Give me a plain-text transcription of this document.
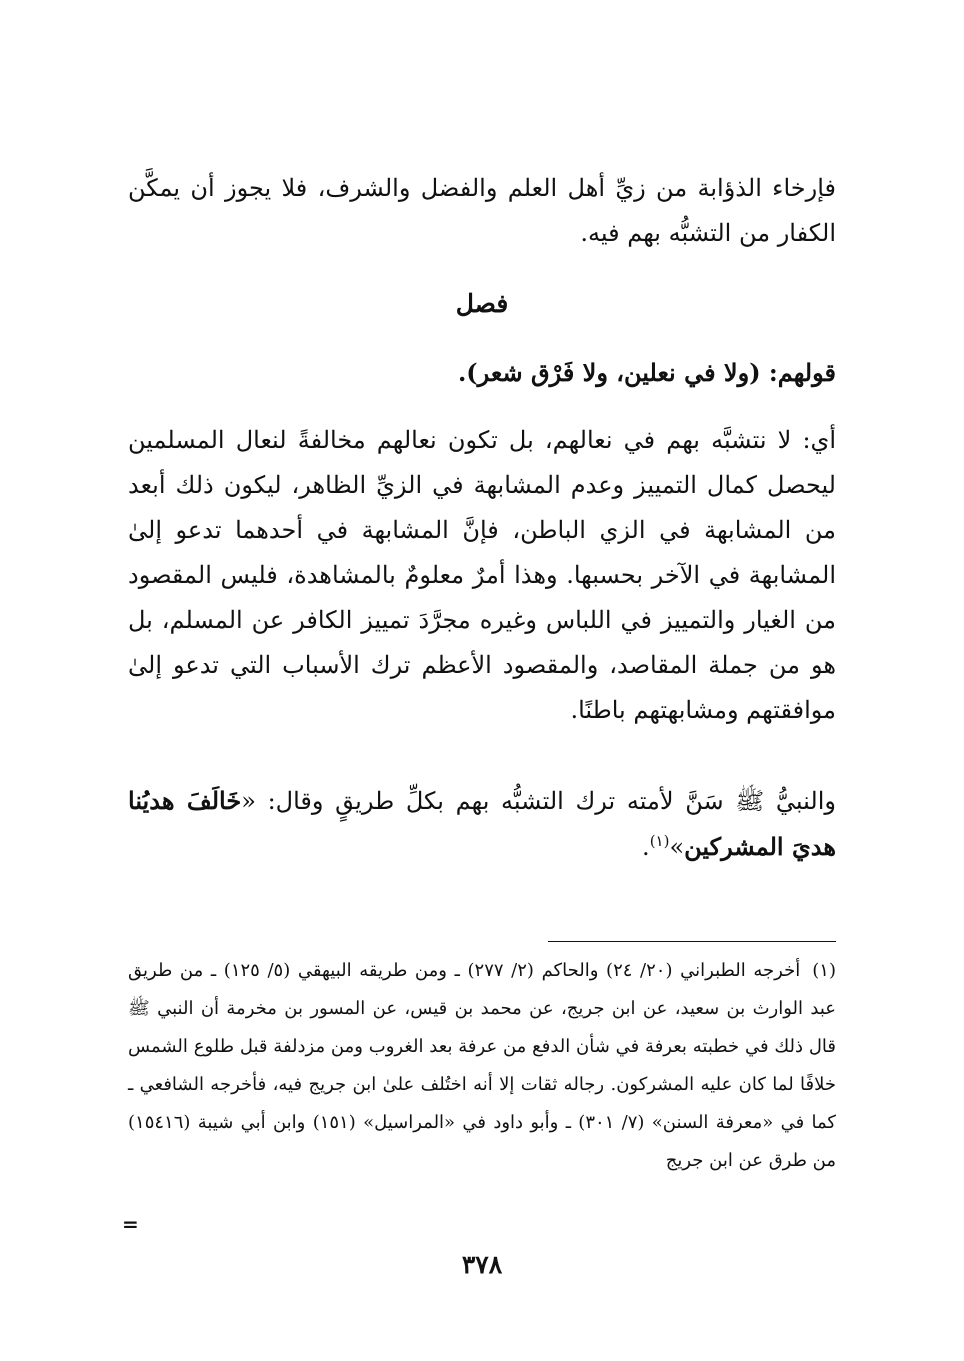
فإرخاء الذؤابة من زيِّ أهل العلم والفضل والشرف، فلا يجوز أن يمكَّن الكفار من التشبُّه بهم فيه.

فصل

قولهم: (ولا في نعلين، ولا فَرْق شعر).

أي: لا نتشبَّه بهم في نعالهم، بل تكون نعالهم مخالفةً لنعال المسلمين ليحصل كمال التمييز وعدم المشابهة في الزيِّ الظاهر، ليكون ذلك أبعد من المشابهة في الزي الباطن، فإنَّ المشابهة في أحدهما تدعو إلىٰ المشابهة في الآخر بحسبها. وهذا أمرٌ معلومٌ بالمشاهدة، فليس المقصود من الغيار والتمييز في اللباس وغيره مجرَّدَ تمييز الكافر عن المسلم، بل هو من جملة المقاصد، والمقصود الأعظم ترك الأسباب التي تدعو إلىٰ موافقتهم ومشابهتهم باطنًا.

والنبيُّ ﷺ سَنَّ لأمته ترك التشبُّه بهم بكلِّ طريقٍ وقال: «خَالَفَ هديُنا هديَ المشركين»$^{(١)}$.

(١)أخرجه الطبراني (٢٠/ ٢٤) والحاكم (٢/ ٢٧٧) ـ ومن طريقه البيهقي (٥/ ١٢٥) ـ من طريق عبد الوارث بن سعيد، عن ابن جريج، عن محمد بن قيس، عن المسور بن مخرمة أن النبي ﷺ قال ذلك في خطبته بعرفة في شأن الدفع من عرفة بعد الغروب ومن مزدلفة قبل طلوع الشمس خلافًا لما كان عليه المشركون. رجاله ثقات إلا أنه اختُلف علىٰ ابن جريج فيه، فأخرجه الشافعي ـ كما في «معرفة السنن» (٧/ ٣٠١) ـ وأبو داود في «المراسيل» (١٥١) وابن أبي شيبة (١٥٤١٦) من طرق عن ابن جريج

=
٣٧٨
